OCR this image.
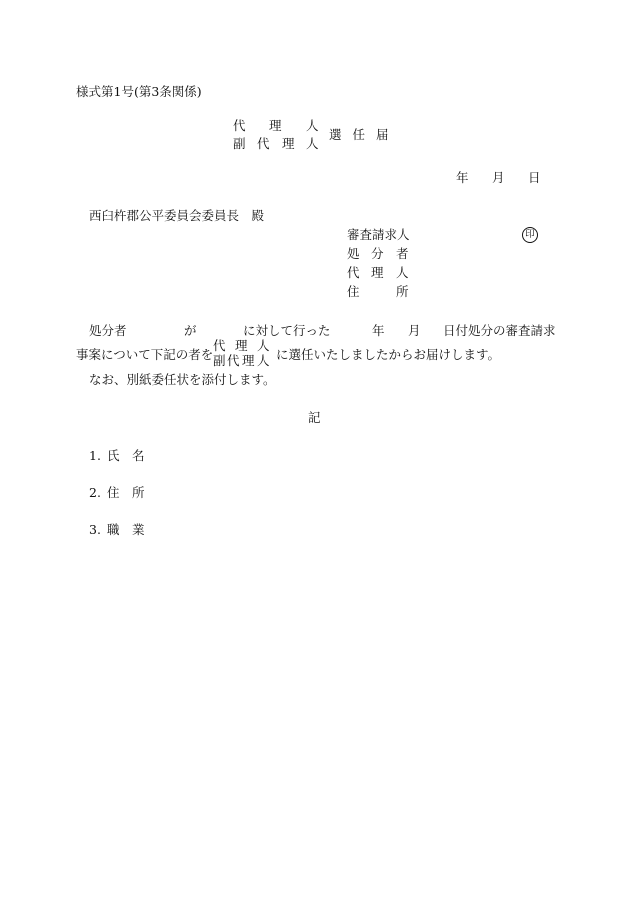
様式第1号(第3条関係)
代 理 人
副 代 理 人
選任届
年 月 日
西臼杵郡公平委員会委員長　殿
審査請求人
処 分 者
代 理 人
住	所
印
処分者	が	に対して行った	年 月 日付処分の審査請求
事案について下記の者を
代 理 人
副 代 理 人 に選任いたしましたからお届けします。
なお、別紙委任状を添付します。
記
1. 氏 名
2. 住 所
3. 職 業
